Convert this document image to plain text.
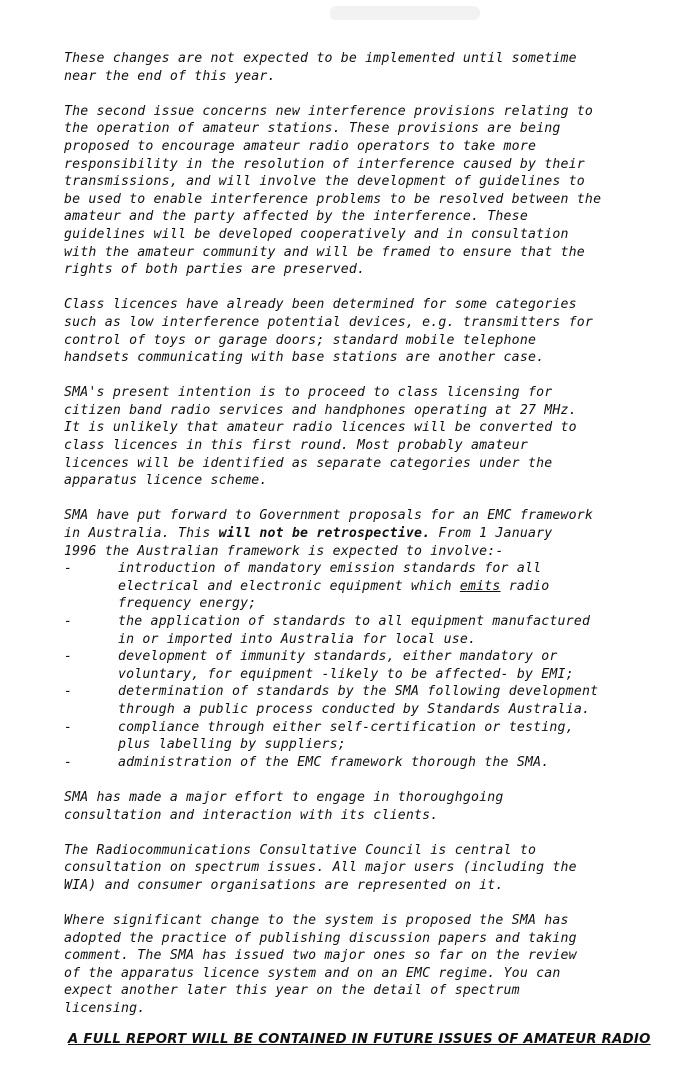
These changes are not expected to be implemented until sometime
near the end of this year.

The second issue concerns new interference provisions relating to
the operation of amateur stations. These provisions are being
proposed to encourage amateur radio operators to take more
responsibility in the resolution of interference caused by their
transmissions, and will involve the development of guidelines to
be used to enable interference problems to be resolved between the
amateur and the party affected by the interference. These
guidelines will be developed cooperatively and in consultation
with the amateur community and will be framed to ensure that the
rights of both parties are preserved.

Class licences have already been determined for some categories
such as low interference potential devices, e.g. transmitters for
control of toys or garage doors; standard mobile telephone
handsets communicating with base stations are another case.

SMA's present intention is to proceed to class licensing for
citizen band radio services and handphones operating at 27 MHz.
It is unlikely that amateur radio licences will be converted to
class licences in this first round. Most probably amateur
licences will be identified as separate categories under the
apparatus licence scheme.

SMA have put forward to Government proposals for an EMC framework
in Australia. This will not be retrospective. From 1 January
1996 the Australian framework is expected to involve:-

-	introduction of mandatory emission standards for all
electrical and electronic equipment which emits radio
frequency energy;
-	the application of standards to all equipment manufactured
in or imported into Australia for local use.
-	development of immunity standards, either mandatory or
voluntary, for equipment -likely to be affected- by EMI;
-	determination of standards by the SMA following development
through a public process conducted by Standards Australia.
-	compliance through either self-certification or testing,
plus labelling by suppliers;
-	administration of the EMC framework thorough the SMA.

SMA has made a major effort to engage in thoroughgoing
consultation and interaction with its clients.

The Radiocommunications Consultative Council is central to
consultation on spectrum issues. All major users (including the
WIA) and consumer organisations are represented on it.

Where significant change to the system is proposed the SMA has
adopted the practice of publishing discussion papers and taking
comment. The SMA has issued two major ones so far on the review
of the apparatus licence system and on an EMC regime. You can
expect another later this year on the detail of spectrum
licensing.

A FULL REPORT WILL BE CONTAINED IN FUTURE ISSUES OF AMATEUR RADIO
